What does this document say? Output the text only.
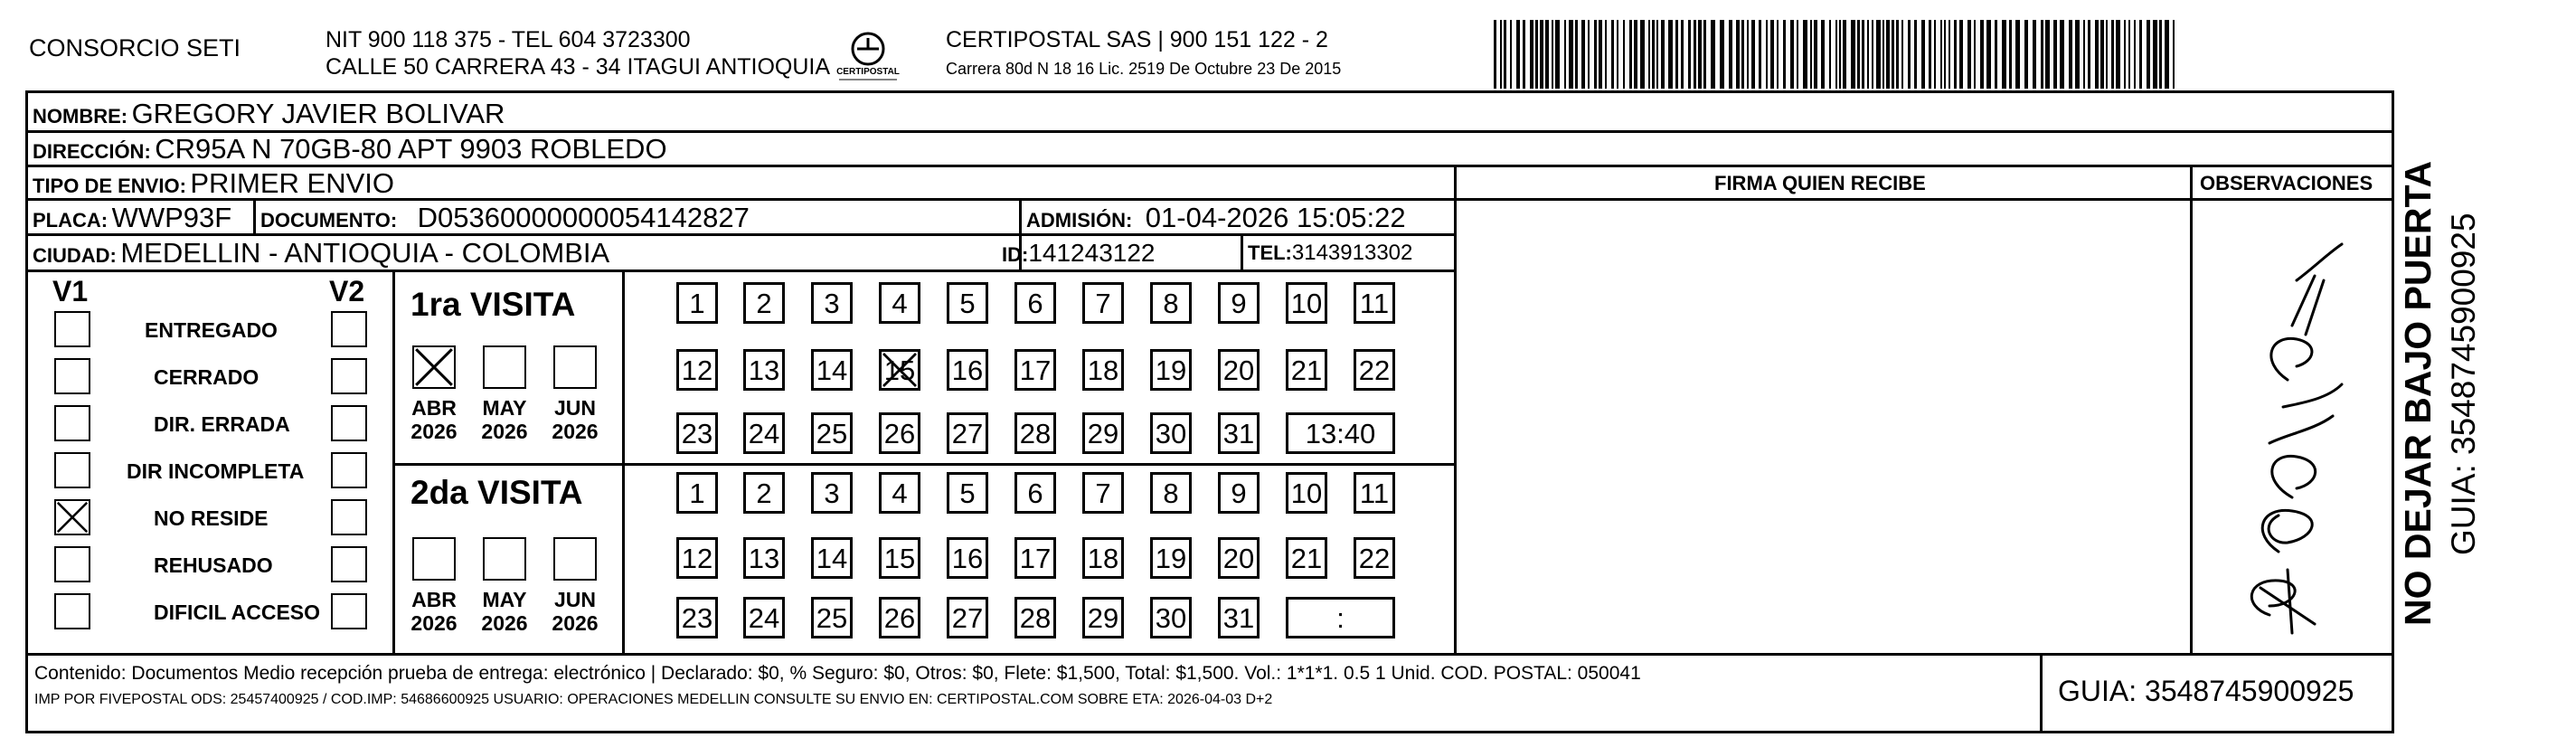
CONSORCIO SETI	NIT 900 118 375 - TEL 604 3723300
CALLE 50 CARRERA 43 - 34 ITAGUI ANTIOQUIA CERTIPOSTAL
CERTIPOSTAL SAS | 900 151 122 - 2
Carrera 80d N 18 16 Lic. 2519 De Octubre 23 De 2015
NOMBRE: GREGORY JAVIER BOLIVAR
DIRECCIÓN: CR95A N 70GB-80 APT 9903 ROBLEDO
TIPO DE ENVIO: PRIMER ENVIO
PLACA: WWP93F DOCUMENTO: D05360000000054142827	ADMISIÓN: 01-04-2026 15:05:22
CIUDAD: MEDELLIN - ANTIOQUIA - COLOMBIA	ID:141243122	TEL:3143913302
FIRMA QUIEN RECIBE	OBSERVACIONES
V1	V2 1ra VISITA
2da VISITA
Contenido: Documentos Medio recepción prueba de entrega: electrónico | Declarado: $0, % Seguro: $0, Otros: $0, Flete: $1,500, Total: $1,500. Vol.: 1*1*1. 0.5 1 Unid. COD. POSTAL: 050041
IMP POR FIVEPOSTAL ODS: 25457400925 / COD.IMP: 54686600925 USUARIO: OPERACIONES MEDELLIN CONSULTE SU ENVIO EN: CERTIPOSTAL.COM SOBRE ETA: 2026-04-03 D+2	GUIA: 3548745900925
NO DEJAR BAJO PUERTA GUIA: 3548745900925
ENTREGADO
CERRADO
DIR. ERRADA
DIR INCOMPLETA
NO RESIDE
REHUSADO
DIFICIL ACCESO
ABR
2026
MAY
2026
JUN
2026
ABR
2026
MAY
2026
JUN
2026
1 2 3 4 5 6 7 8 9 10 11
12 13 14 15 16 17 18 19 20 21 22
23 24 25 26 27 28 29 30 31	13:40
1 2 3 4 5 6 7 8 9 10 11
12 13 14 15 16 17 18 19 20 21 22
23 24 25 26 27 28 29 30 31	:
